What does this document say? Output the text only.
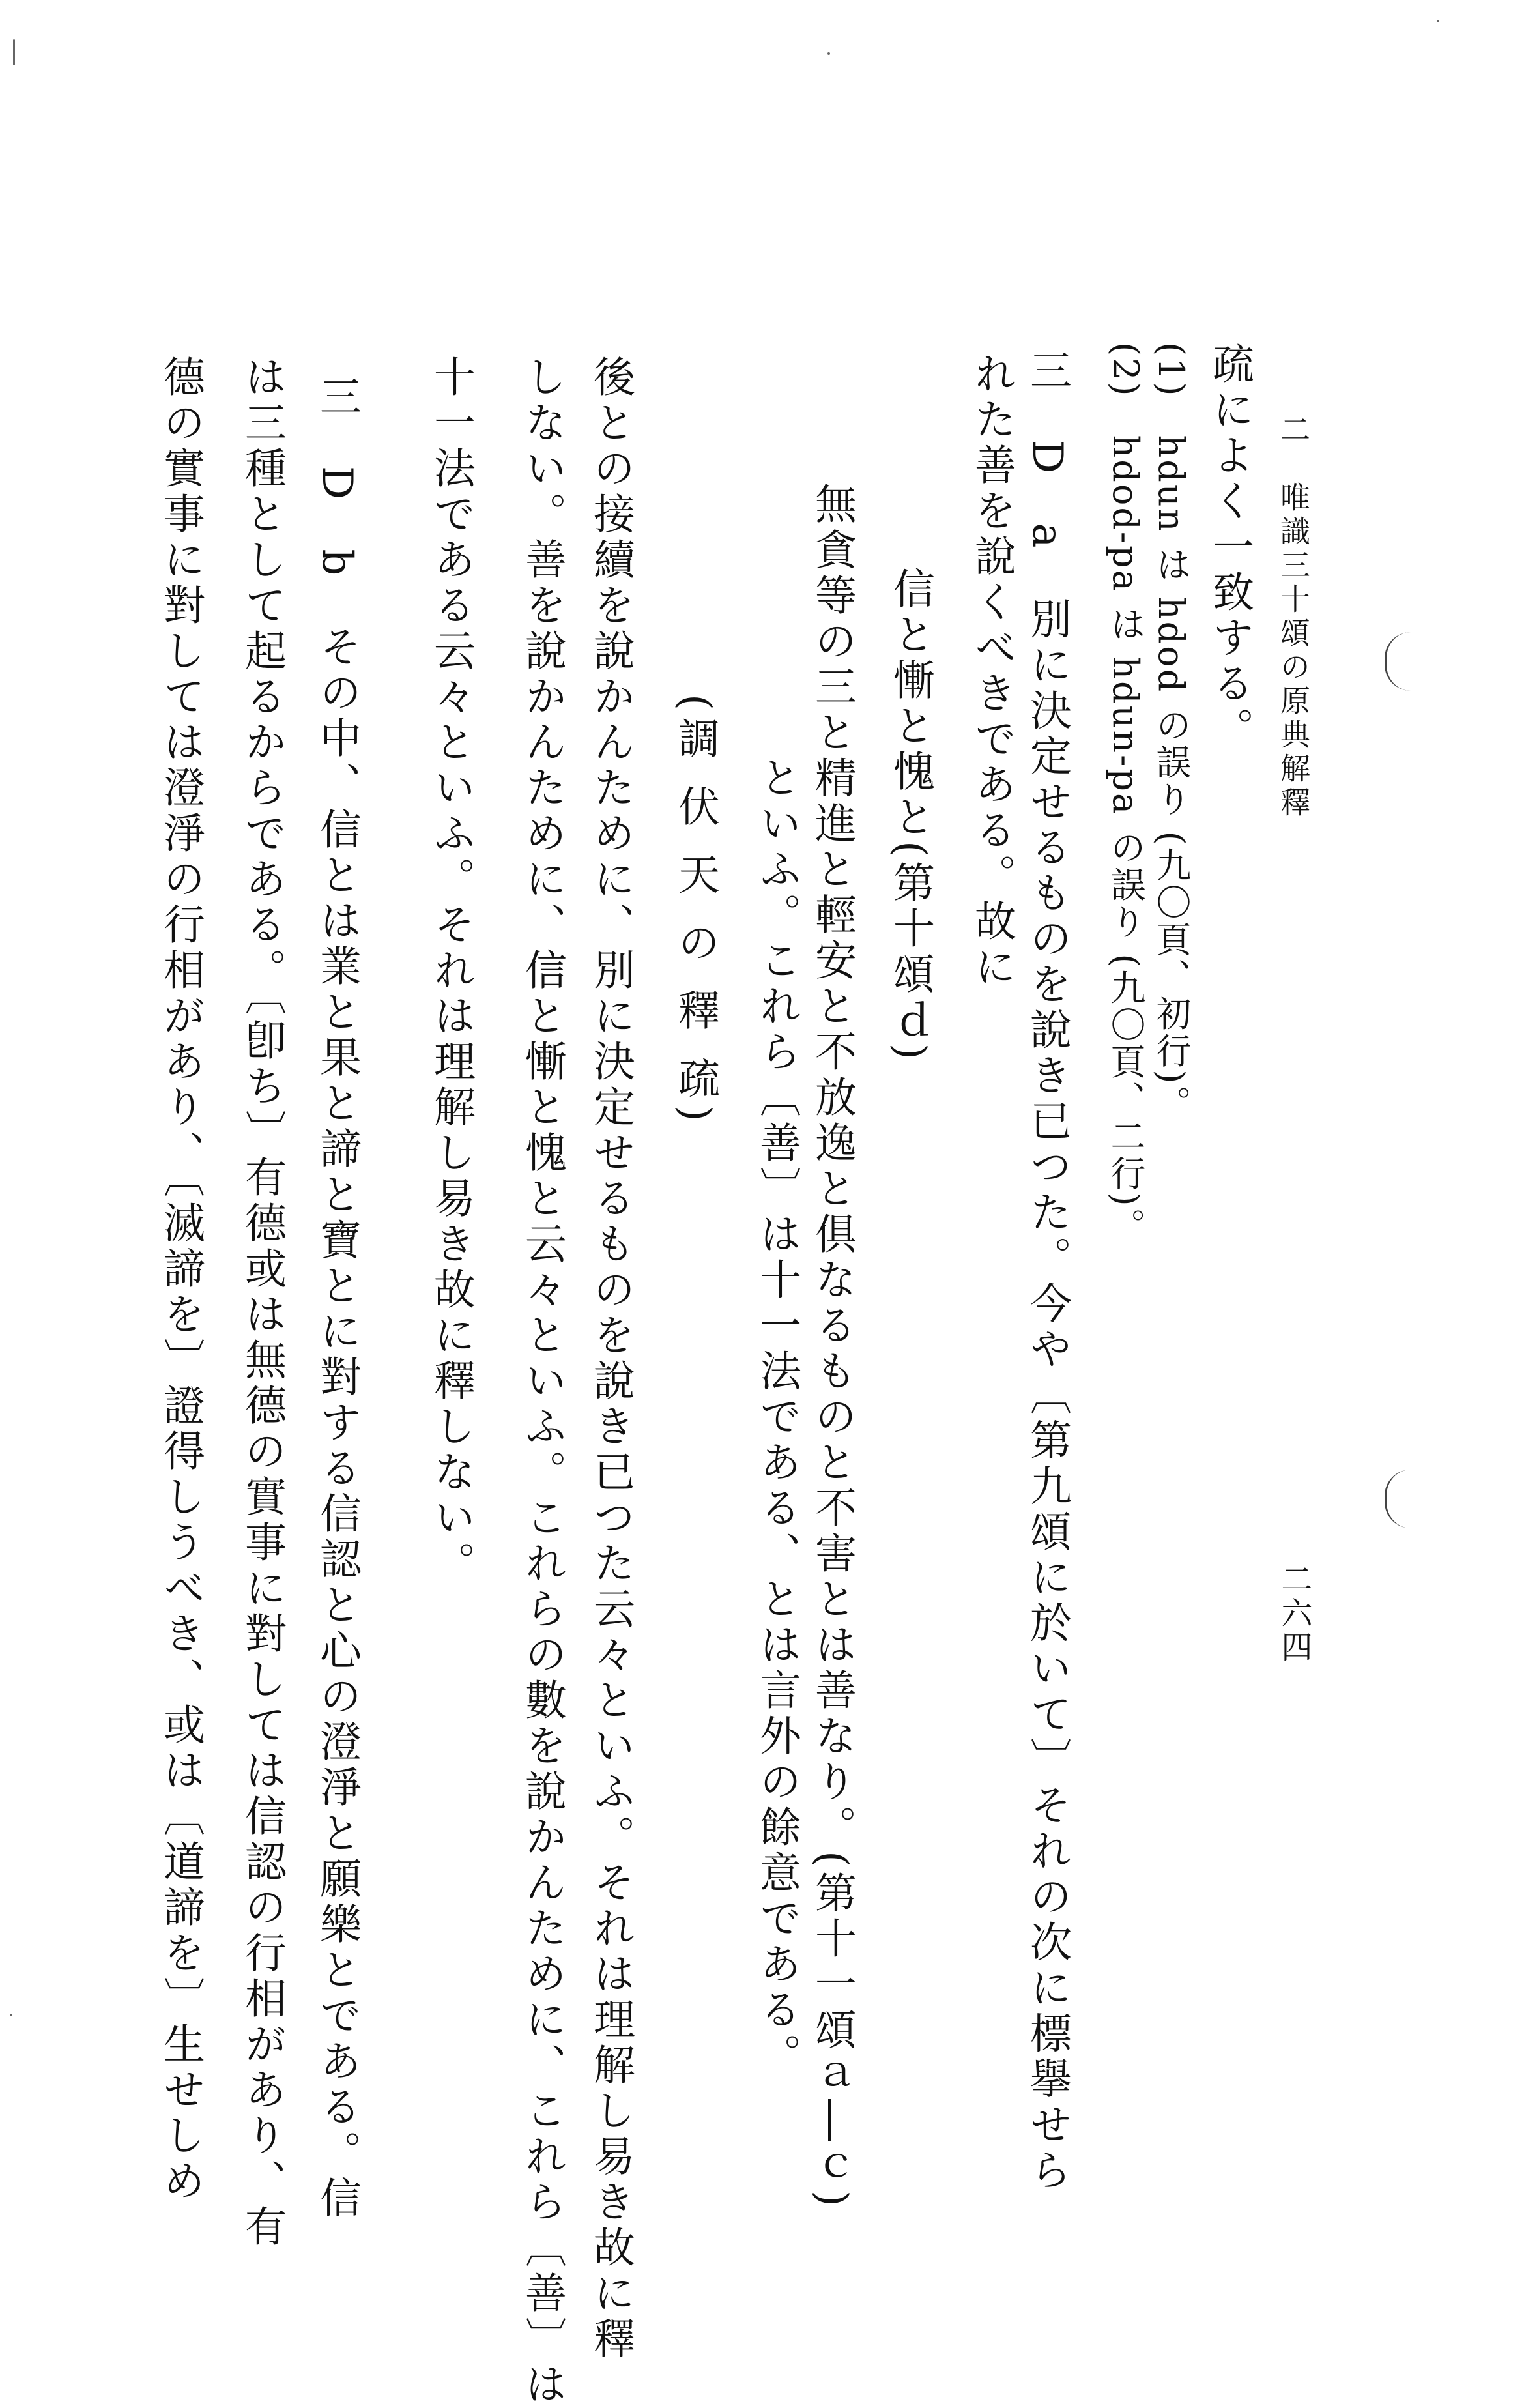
二　唯識三十頌の原典解釋
二六四
疏によく一致する。
(1)　hdun は hdod の誤り (九〇頁、初行)。
(2)　hdod-pa は hdun-pa の誤り (九〇頁、二行)。
三　D　a　別に決定せるものを說き已つた。今や〔第九頌に於いて〕それの次に標擧せら
れた善を說くべきである。故に
信と慚と愧と(第十頌ｄ)
無貪等の三と精進と輕安と不放逸と俱なるものと不害とは善なり。(第十一頌ａ―ｃ)
といふ。これら〔善〕は十一法である、とは言外の餘意である。
(調 伏 天 の 釋 疏)
後との接續を說かんために、別に決定せるものを說き已つた云々といふ。それは理解し易き故に釋
しない。善を說かんために、信と慚と愧と云々といふ。これらの數を說かんために、これら〔善〕は
十一法である云々といふ。それは理解し易き故に釋しない。
三　D　b　その中、信とは業と果と諦と寶とに對する信認と心の澄淨と願樂とである。信
は三種として起るからである。〔卽ち〕有德或は無德の實事に對しては信認の行相があり、有
德の實事に對しては澄淨の行相があり、〔滅諦を〕證得しうべき、或は〔道諦を〕生せしめ
